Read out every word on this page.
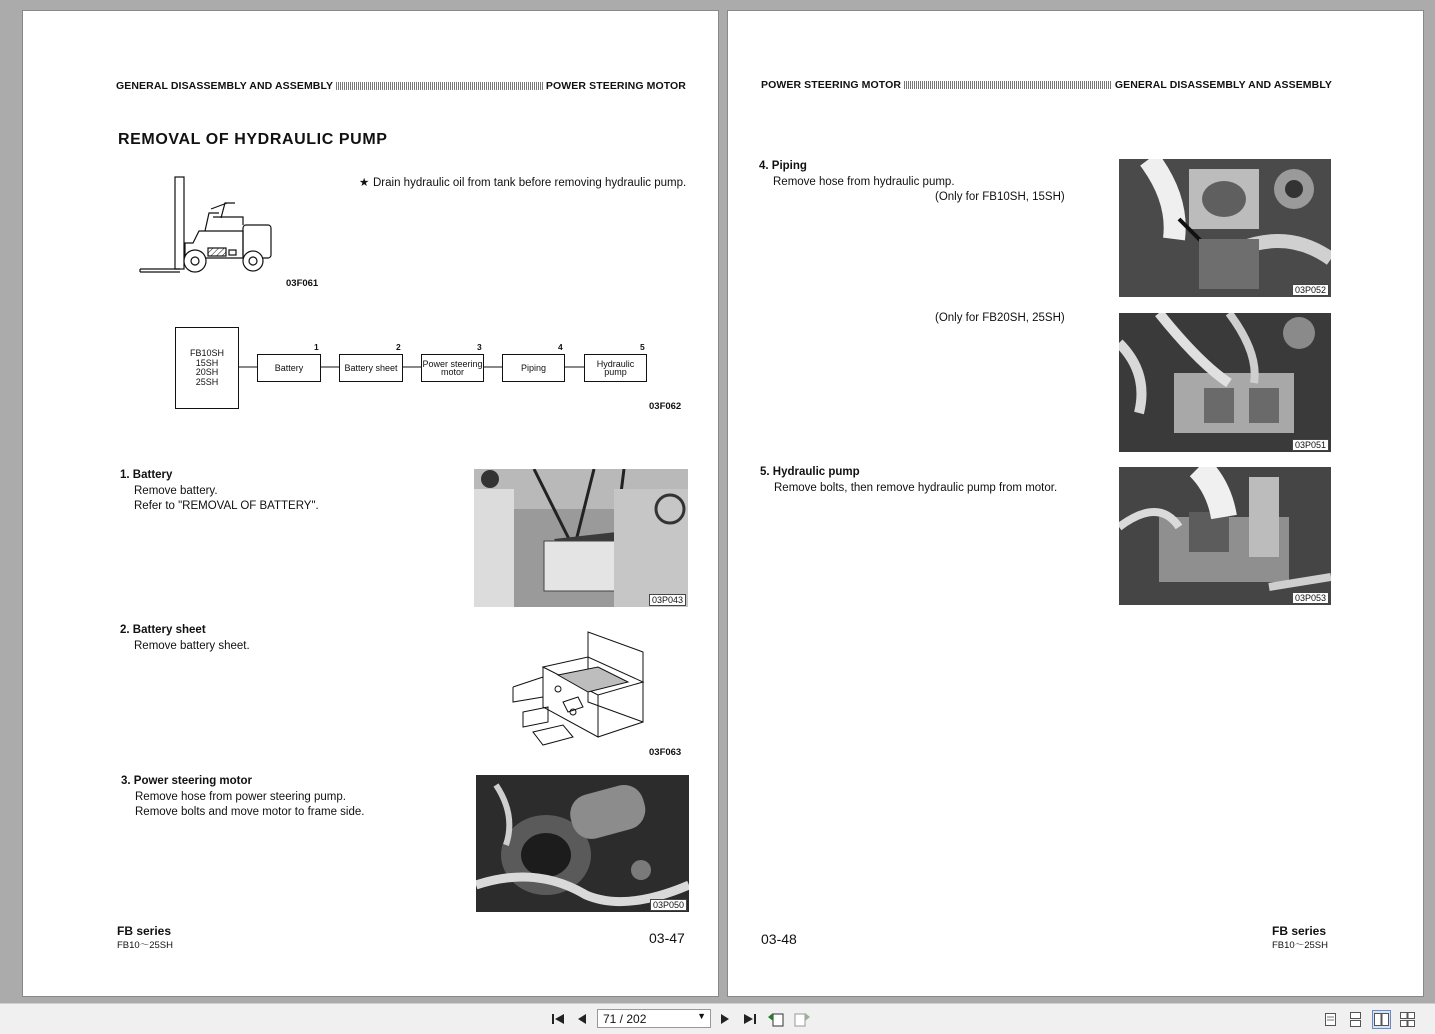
GENERAL DISASSEMBLY AND ASSEMBLY	POWER STEERING MOTOR
REMOVAL OF HYDRAULIC PUMP
03F061
★ Drain hydraulic oil from tank before removing hydraulic pump.
FB10SH
15SH
20SH
25SH
Battery	Battery sheet	Power steering motor	Piping	Hydraulic pump
1	2	3	4	5
03F062
1. Battery
Remove battery.
Refer to "REMOVAL OF BATTERY".
03P043
2. Battery sheet
Remove battery sheet.
03F063
3. Power steering motor
Remove hose from power steering pump.
Remove bolts and move motor to frame side.
03P050
FB series
FB10～25SH	03-47
POWER STEERING MOTOR	GENERAL DISASSEMBLY AND ASSEMBLY
4. Piping
Remove hose from hydraulic pump.
(Only for FB10SH, 15SH)
03P052
(Only for FB20SH, 25SH)
03P051
5. Hydraulic pump
Remove bolts, then remove hydraulic pump from motor.
03P053
03-48	FB series
FB10～25SH
71 / 202	▼
